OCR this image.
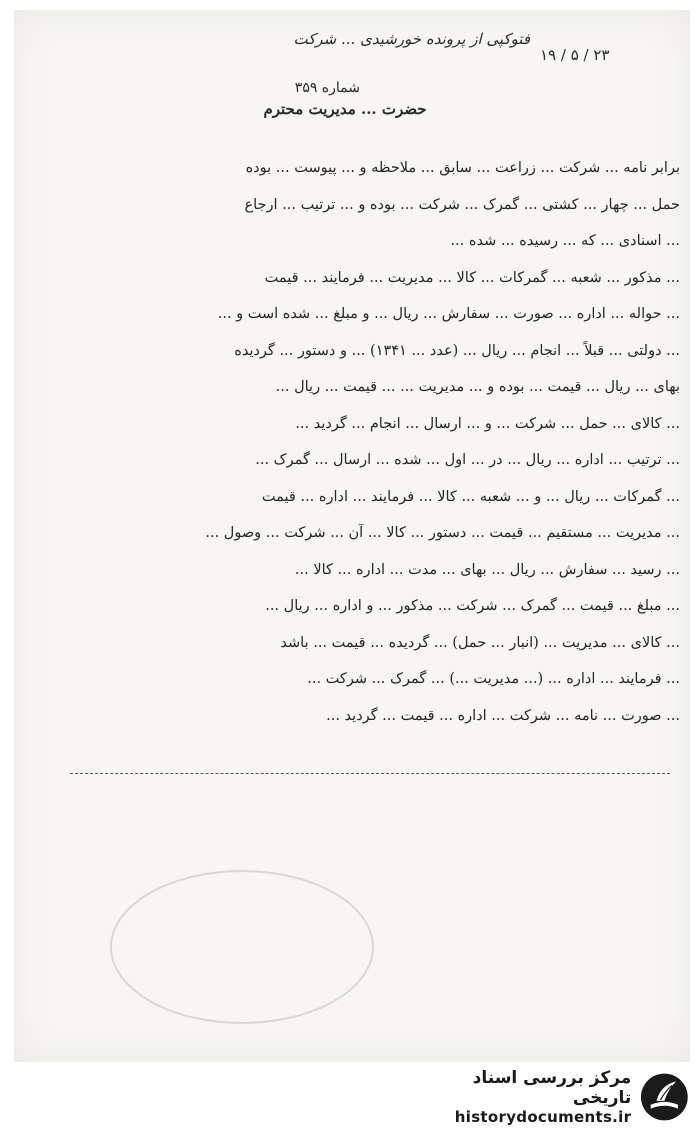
فتوکپی از پرونده خورشیدی ... شرکت
۱۹ / ۵ / ۲۳
شماره ۳۵۹
حضرت ... مدیریت محترم
برابر نامه ... شرکت ... زراعت ... سابق ... ملاحظه و ... پیوست ... بوده
حمل ... چهار ... کشتی ... گمرک ... شرکت ... بوده و ... ترتیب ... ارجاع
... اسنادی ... که ... رسیده ... شده ...
... مذکور ... شعبه ... گمرکات ... کالا ... مدیریت ... فرمایند ... قیمت
... حواله ... اداره ... صورت ... سفارش ... ریال ... و مبلغ ... شده است و ...
... دولتی ... قبلاً ... انجام ... ریال ... (عدد ... ۱۳۴۱) ... و دستور ... گردیده
بهای ... ریال ... قیمت ... بوده و ... مدیریت ... ... قیمت ... ریال ...
... کالای ... حمل ... شرکت ... و ... ارسال ... انجام ... گردید ...
... ترتیب ... اداره ... ریال ... در ... اول ... شده ... ارسال ... گمرک ...
... گمرکات ... ریال ... و ... شعبه ... کالا ... فرمایند ... اداره ... قیمت
... مدیریت ... مستقیم ... قیمت ... دستور ... کالا ... آن ... شرکت ... وصول ...
... رسید ... سفارش ... ریال ... بهای ... مدت ... اداره ... کالا ...
... مبلغ ... قیمت ... گمرک ... شرکت ... مذکور ... و اداره ... ریال ...
... کالای ... مدیریت ... (انبار ... حمل) ... گردیده ... قیمت ... باشد
... فرمایند ... اداره ... (... مدیریت ...) ... گمرک ... شرکت ...
... صورت ... نامه ... شرکت ... اداره ... قیمت ... گردید ...
مرکز بررسی اسناد تاریخی
historydocuments.ir
